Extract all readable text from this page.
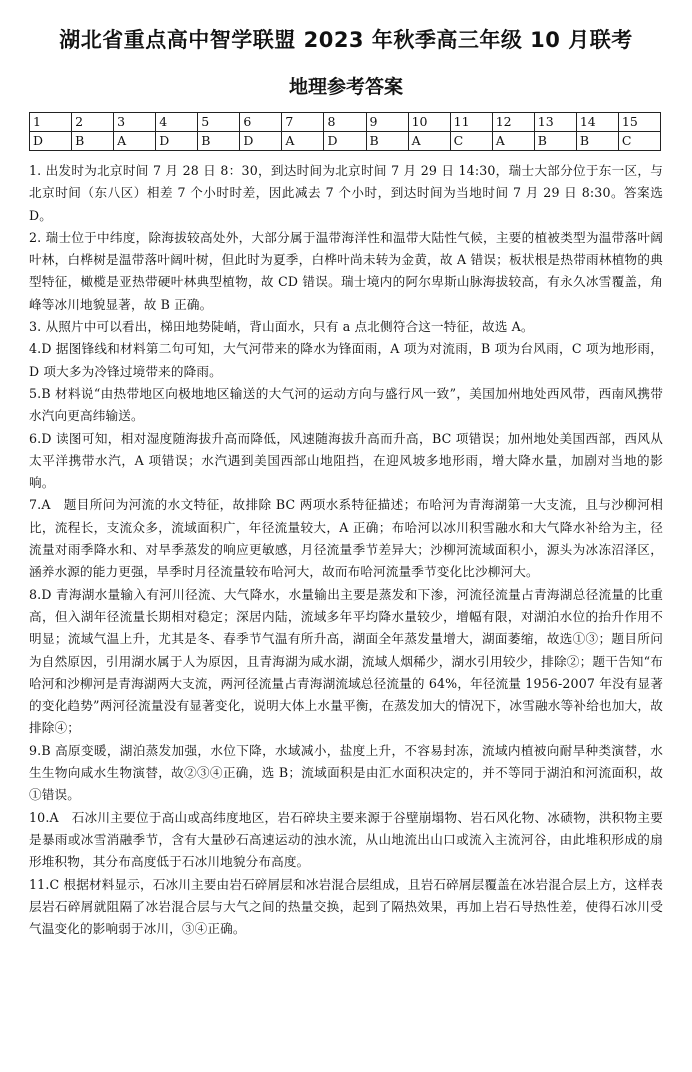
湖北省重点高中智学联盟 2023 年秋季高三年级 10 月联考
地理参考答案
1	2	3	4	5	6	7	8	9	10	11	12	13	14	15
D	B	A	D	B	D	A	D	B	A	C	A	B	B	C

1. 出发时为北京时间 7 月 28 日 8：30，到达时间为北京时间 7 月 29 日 14:30，瑞士大部分位于东一区，与北京时间（东八区）相差 7 个小时时差，因此减去 7 个小时，到达时间为当地时间 7 月 29 日 8:30。答案选 D。

2. 瑞士位于中纬度，除海拔较高处外，大部分属于温带海洋性和温带大陆性气候，主要的植被类型为温带落叶阔叶林，白桦树是温带落叶阔叶树，但此时为夏季，白桦叶尚未转为金黄，故 A 错误；板状根是热带雨林植物的典型特征，橄榄是亚热带硬叶林典型植物，故 CD 错误。瑞士境内的阿尔卑斯山脉海拔较高，有永久冰雪覆盖，角峰等冰川地貌显著，故 B 正确。

3. 从照片中可以看出，梯田地势陡峭，背山面水，只有 a 点北侧符合这一特征，故选 A。

4.D 据图锋线和材料第二句可知，大气河带来的降水为锋面雨，A 项为对流雨，B 项为台风雨，C 项为地形雨，D 项大多为冷锋过境带来的降雨。

5.B 材料说“由热带地区向极地地区输送的大气河的运动方向与盛行风一致”，美国加州地处西风带，西南风携带水汽向更高纬输送。

6.D 读图可知，相对湿度随海拔升高而降低，风速随海拔升高而升高，BC 项错误；加州地处美国西部，西风从太平洋携带水汽，A 项错误；水汽遇到美国西部山地阻挡，在迎风坡多地形雨，增大降水量，加剧对当地的影响。

7.A　题目所问为河流的水文特征，故排除 BC 两项水系特征描述；布哈河为青海湖第一大支流，且与沙柳河相比，流程长，支流众多，流域面积广，年径流量较大，A 正确；布哈河以冰川积雪融水和大气降水补给为主，径流量对雨季降水和、对旱季蒸发的响应更敏感，月径流量季节差异大；沙柳河流域面积小，源头为冰冻沼泽区，涵养水源的能力更强，旱季时月径流量较布哈河大，故而布哈河流量季节变化比沙柳河大。

8.D 青海湖水量输入有河川径流、大气降水，水量输出主要是蒸发和下渗，河流径流量占青海湖总径流量的比重高，但入湖年径流量长期相对稳定；深居内陆，流域多年平均降水量较少，增幅有限，对湖泊水位的抬升作用不明显；流域气温上升，尤其是冬、春季节气温有所升高，湖面全年蒸发量增大，湖面萎缩，故选①③；题目所问为自然原因，引用湖水属于人为原因，且青海湖为咸水湖，流域人烟稀少，湖水引用较少，排除②；题干告知“布哈河和沙柳河是青海湖两大支流，两河径流量占青海湖流域总径流量的 64%，年径流量 1956-2007 年没有显著的变化趋势”两河径流量没有显著变化，说明大体上水量平衡，在蒸发加大的情况下，冰雪融水等补给也加大，故排除④；

9.B 高原变暖，湖泊蒸发加强，水位下降，水域减小，盐度上升，不容易封冻，流域内植被向耐旱种类演替，水生生物向咸水生物演替，故②③④正确，选 B；流域面积是由汇水面积决定的，并不等同于湖泊和河流面积，故①错误。

10.A　石冰川主要位于高山或高纬度地区，岩石碎块主要来源于谷壁崩塌物、岩石风化物、冰碛物，洪积物主要是暴雨或冰雪消融季节，含有大量砂石高速运动的浊水流，从山地流出山口或流入主流河谷，由此堆积形成的扇形堆积物，其分布高度低于石冰川地貌分布高度。

11.C 根据材料显示，石冰川主要由岩石碎屑层和冰岩混合层组成，且岩石碎屑层覆盖在冰岩混合层上方，这样表层岩石碎屑就阻隔了冰岩混合层与大气之间的热量交换，起到了隔热效果，再加上岩石导热性差，使得石冰川受气温变化的影响弱于冰川，③④正确。
